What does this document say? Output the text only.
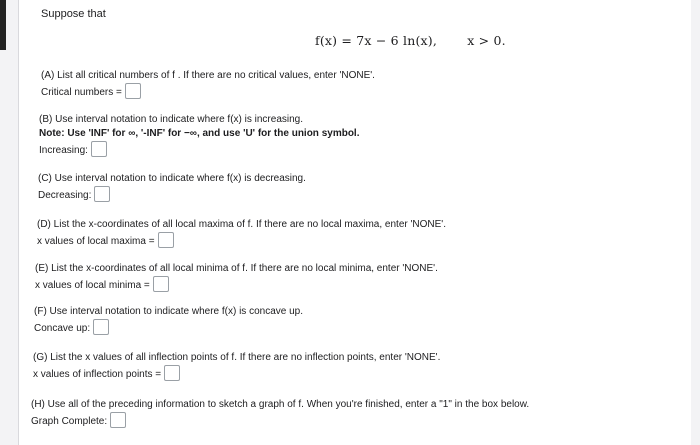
Suppose that
f(x) = 7x − 6 ln(x), x > 0.
(A) List all critical numbers of f . If there are no critical values, enter 'NONE'.
Critical numbers =
(B) Use interval notation to indicate where f(x) is increasing.
Note: Use 'INF' for ∞, '-INF' for −∞, and use 'U' for the union symbol.
Increasing:
(C) Use interval notation to indicate where f(x) is decreasing.
Decreasing:
(D) List the x-coordinates of all local maxima of f. If there are no local maxima, enter 'NONE'.
x values of local maxima =
(E) List the x-coordinates of all local minima of f. If there are no local minima, enter 'NONE'.
x values of local minima =
(F) Use interval notation to indicate where f(x) is concave up.
Concave up:
(G) List the x values of all inflection points of f. If there are no inflection points, enter 'NONE'.
x values of inflection points =
(H) Use all of the preceding information to sketch a graph of f. When you're finished, enter a "1" in the box below.
Graph Complete:
